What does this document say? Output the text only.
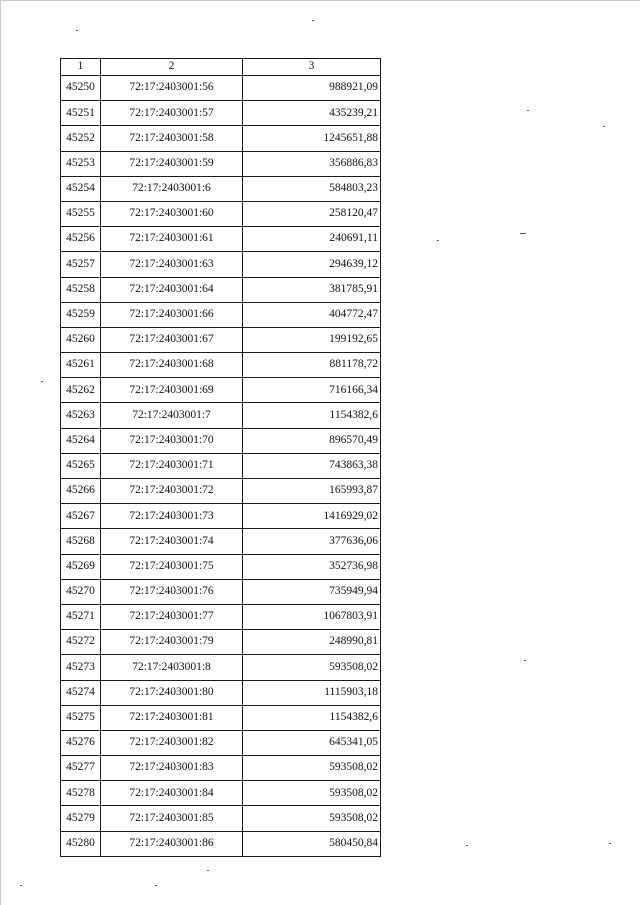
1	2	3
45250	72:17:2403001:56	988921,09
45251	72:17:2403001:57	435239,21
45252	72:17:2403001:58	1245651,88
45253	72:17:2403001:59	356886,83
45254	72:17:2403001:6	584803,23
45255	72:17:2403001:60	258120,47
45256	72:17:2403001:61	240691,11
45257	72:17:2403001:63	294639,12
45258	72:17:2403001:64	381785,91
45259	72:17:2403001:66	404772,47
45260	72:17:2403001:67	199192,65
45261	72:17:2403001:68	881178,72
45262	72:17:2403001:69	716166,34
45263	72:17:2403001:7	1154382,6
45264	72:17:2403001:70	896570,49
45265	72:17:2403001:71	743863,38
45266	72:17:2403001:72	165993,87
45267	72:17:2403001:73	1416929,02
45268	72:17:2403001:74	377636,06
45269	72:17:2403001:75	352736,98
45270	72:17:2403001:76	735949,94
45271	72:17:2403001:77	1067803,91
45272	72:17:2403001:79	248990,81
45273	72:17:2403001:8	593508,02
45274	72:17:2403001:80	1115903,18
45275	72:17:2403001:81	1154382,6
45276	72:17:2403001:82	645341,05
45277	72:17:2403001:83	593508,02
45278	72:17:2403001:84	593508,02
45279	72:17:2403001:85	593508,02
45280	72:17:2403001:86	580450,84
